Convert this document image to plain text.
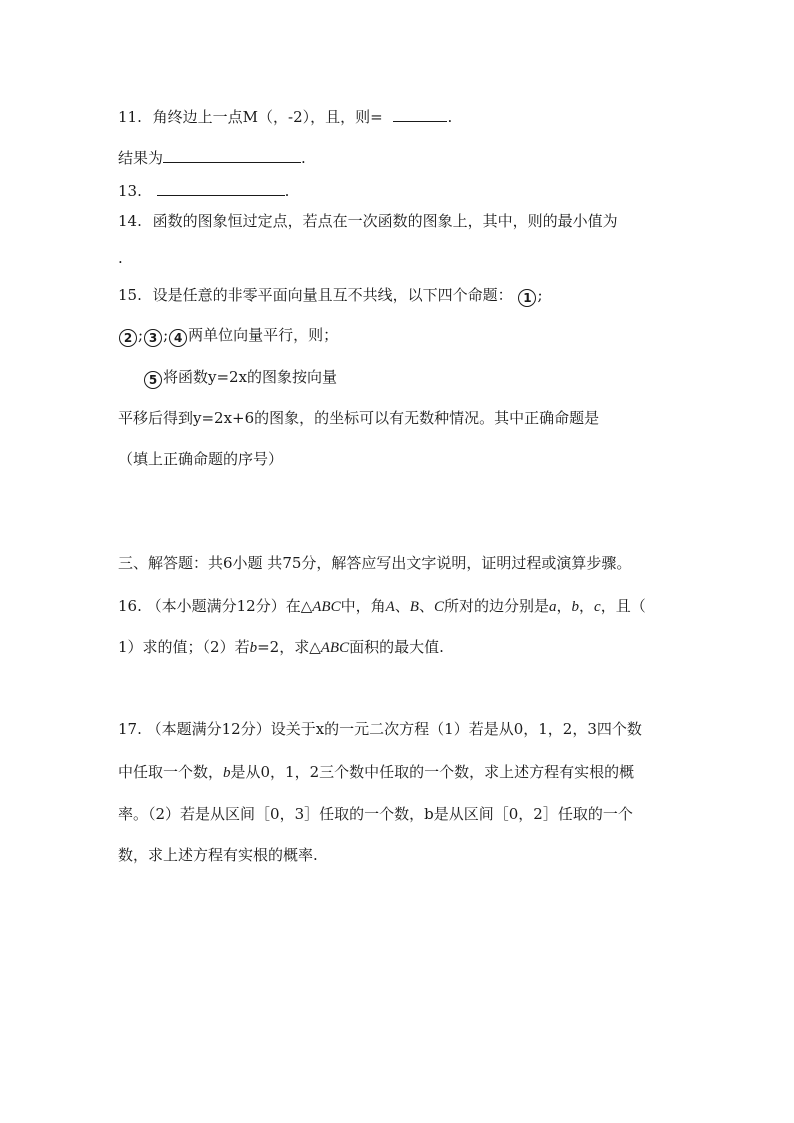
11. 角终边上一点M（，-2），且，则=	.
结果为	.
13.	.
14. 函数的图象恒过定点，若点在一次函数的图象上，其中，则的最小值为
.
15. 设是任意的非零平面向量且互不共线，以下四个命题： 1 ;
2 ; 3 ; 4 两单位向量平行，则；
5 将函数y=2x的图象按向量
平移后得到y=2x+6的图象，的坐标可以有无数种情况。其中正确命题是
（填上正确命题的序号）
三、解答题：共6小题 共75分，解答应写出文字说明，证明过程或演算步骤。
16. （本小题满分12分）在△ABC中，角A、B、C所对的边分别是a，b，c，且（
1）求的值；（2）若b=2，求△ABC面积的最大值.
17. （本题满分12分）设关于x的一元二次方程（1）若是从0，1，2，3四个数
中任取一个数，b是从0，1，2三个数中任取的一个数，求上述方程有实根的概
率。（2）若是从区间［0，3］任取的一个数，b是从区间［0，2］任取的一个
数，求上述方程有实根的概率.
